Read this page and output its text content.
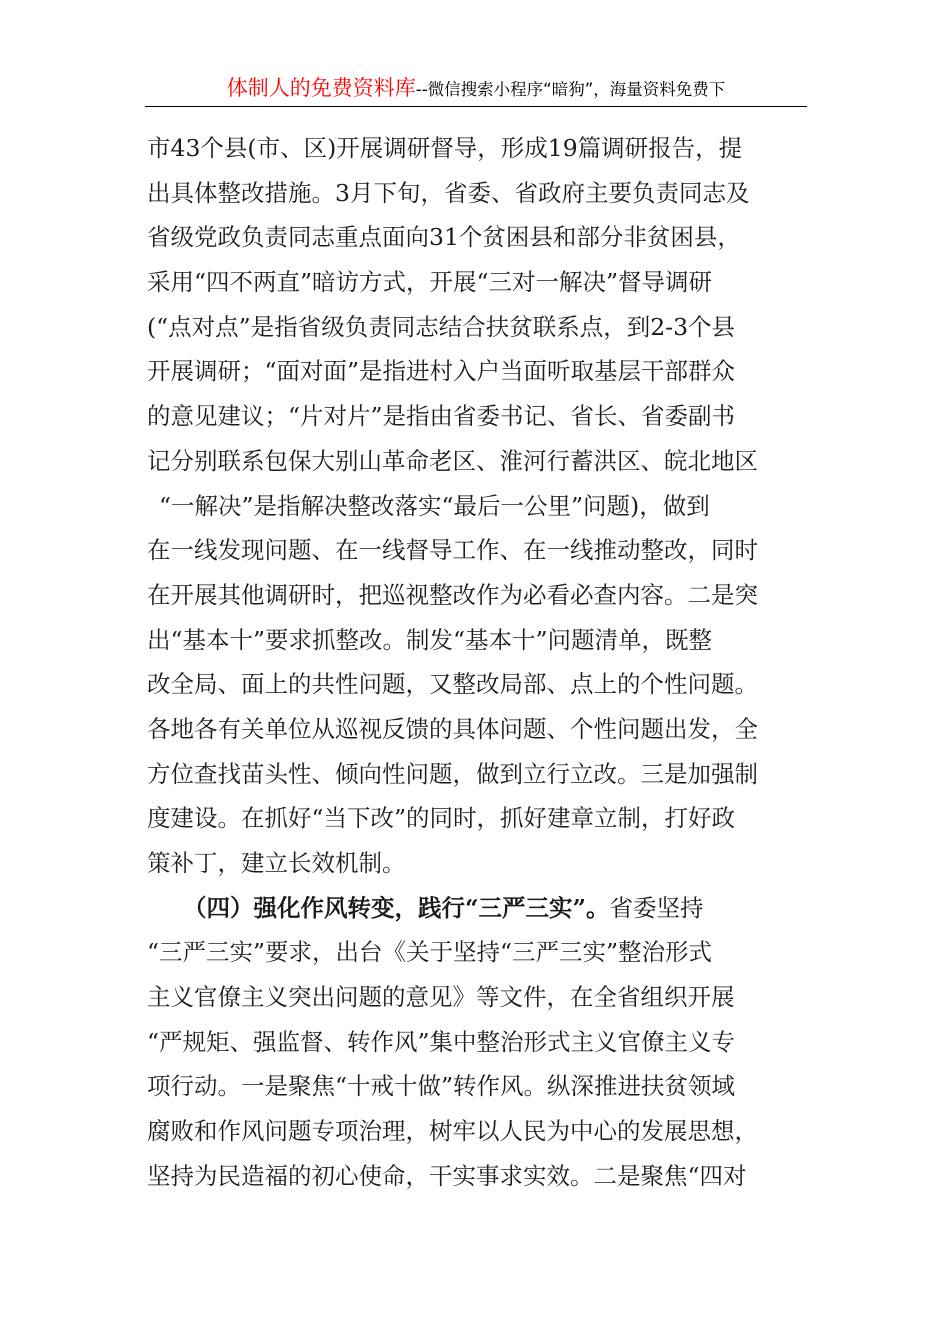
体制人的免费资料库--微信搜索小程序“暗狗”，海量资料免费下
市43个县(市、区)开展调研督导，形成19篇调研报告，提
出具体整改措施。3月下旬，省委、省政府主要负责同志及
省级党政负责同志重点面向31个贫困县和部分非贫困县，
采用“四不两直”暗访方式，开展“三对一解决”督导调研
(“点对点”是指省级负责同志结合扶贫联系点，到2-3个县
开展调研；“面对面”是指进村入户当面听取基层干部群众
的意见建议；“片对片”是指由省委书记、省长、省委副书
记分别联系包保大别山革命老区、淮河行蓄洪区、皖北地区
“一解决”是指解决整改落实“最后一公里”问题)，做到
在一线发现问题、在一线督导工作、在一线推动整改，同时
在开展其他调研时，把巡视整改作为必看必查内容。二是突
出“基本十”要求抓整改。制发“基本十”问题清单，既整
改全局、面上的共性问题，又整改局部、点上的个性问题。
各地各有关单位从巡视反馈的具体问题、个性问题出发，全
方位查找苗头性、倾向性问题，做到立行立改。三是加强制
度建设。在抓好“当下改”的同时，抓好建章立制，打好政
策补丁，建立长效机制。
（四）强化作风转变，践行“三严三实”。省委坚持
“三严三实”要求，出台《关于坚持“三严三实”整治形式
主义官僚主义突出问题的意见》等文件，在全省组织开展
“严规矩、强监督、转作风”集中整治形式主义官僚主义专
项行动。一是聚焦“十戒十做”转作风。纵深推进扶贫领域
腐败和作风问题专项治理，树牢以人民为中心的发展思想，
坚持为民造福的初心使命，干实事求实效。二是聚焦“四对
